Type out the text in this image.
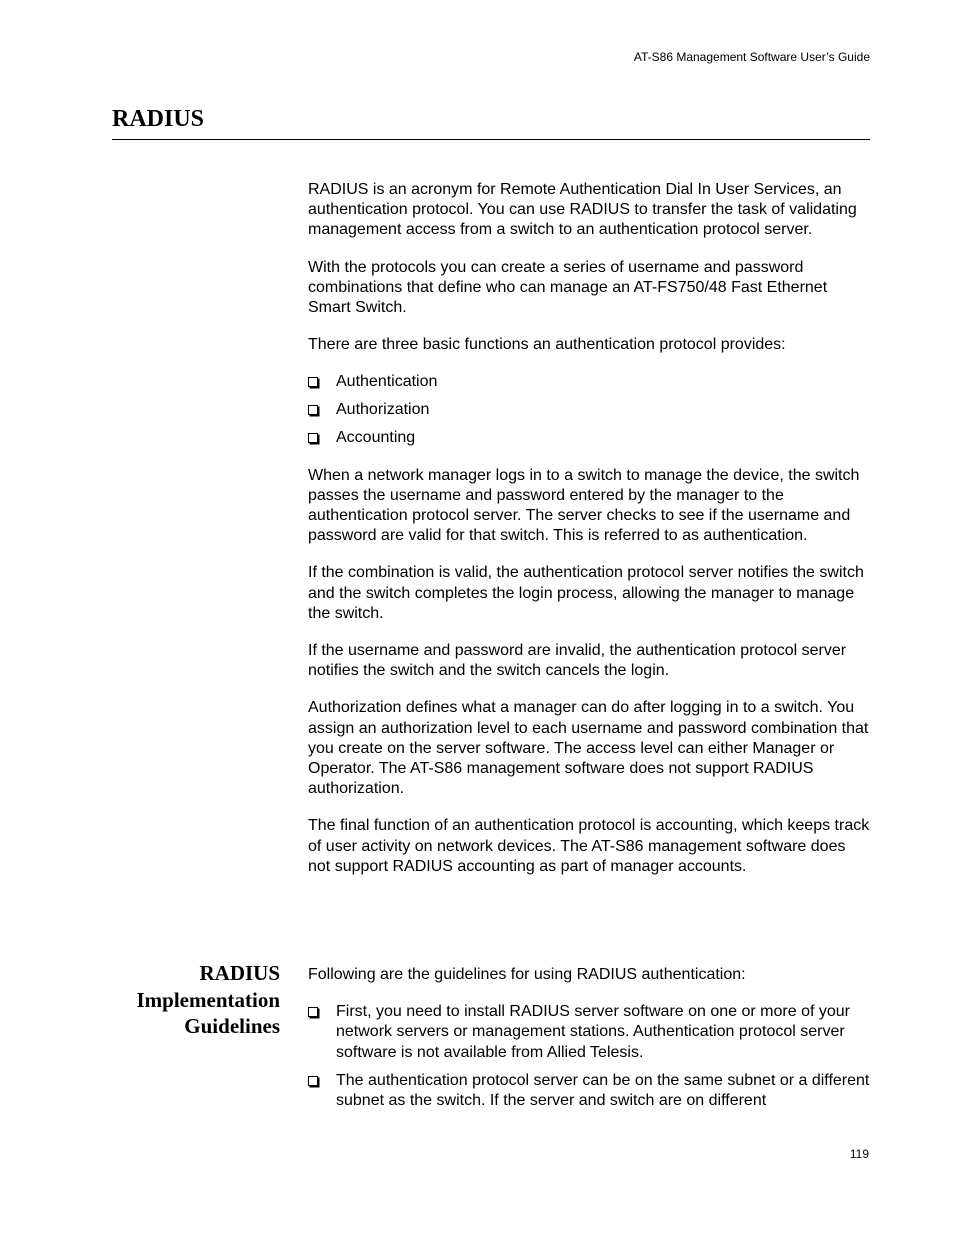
AT-S86 Management Software User’s Guide
RADIUS

RADIUS is an acronym for Remote Authentication Dial In User Services, an authentication protocol. You can use RADIUS to transfer the task of validating management access from a switch to an authentication protocol server.

With the protocols you can create a series of username and password combinations that define who can manage an AT-FS750/48 Fast Ethernet Smart Switch.

There are three basic functions an authentication protocol provides:

Authentication
Authorization
Accounting

When a network manager logs in to a switch to manage the device, the switch passes the username and password entered by the manager to the authentication protocol server. The server checks to see if the username and password are valid for that switch. This is referred to as authentication.

If the combination is valid, the authentication protocol server notifies the switch and the switch completes the login process, allowing the manager to manage the switch.

If the username and password are invalid, the authentication protocol server notifies the switch and the switch cancels the login.

Authorization defines what a manager can do after logging in to a switch. You assign an authorization level to each username and password combination that you create on the server software. The access level can either Manager or Operator. The AT-S86 management software does not support RADIUS authorization.

The final function of an authentication protocol is accounting, which keeps track of user activity on network devices. The AT-S86 management software does not support RADIUS accounting as part of manager accounts.

RADIUS
Implementation
Guidelines

Following are the guidelines for using RADIUS authentication:

First, you need to install RADIUS server software on one or more of your network servers or management stations. Authentication protocol server software is not available from Allied Telesis.
The authentication protocol server can be on the same subnet or a different subnet as the switch. If the server and switch are on different
119
